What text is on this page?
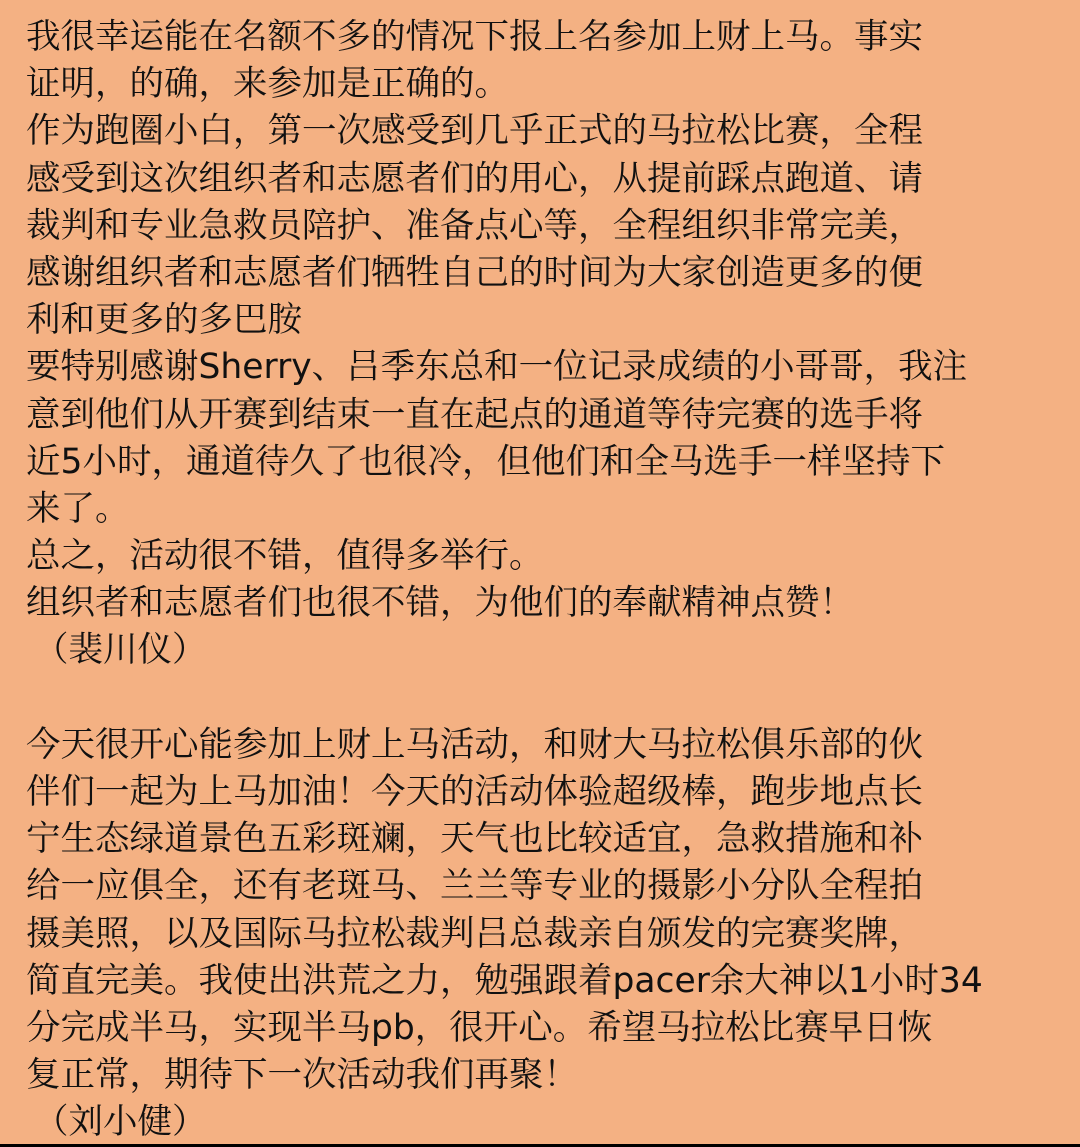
我很幸运能在名额不多的情况下报上名参加上财上马。事实

证明，的确，来参加是正确的。

作为跑圈小白，第一次感受到几乎正式的马拉松比赛，全程

感受到这次组织者和志愿者们的用心，从提前踩点跑道、请

裁判和专业急救员陪护、准备点心等，全程组织非常完美，

感谢组织者和志愿者们牺牲自己的时间为大家创造更多的便

利和更多的多巴胺

要特别感谢Sherry、吕季东总和一位记录成绩的小哥哥，我注

意到他们从开赛到结束一直在起点的通道等待完赛的选手将

近5小时，通道待久了也很冷，但他们和全马选手一样坚持下

来了。

总之，活动很不错，值得多举行。

组织者和志愿者们也很不错，为他们的奉献精神点赞！

（裴川仪）

今天很开心能参加上财上马活动，和财大马拉松俱乐部的伙

伴们一起为上马加油！今天的活动体验超级棒，跑步地点长

宁生态绿道景色五彩斑斓，天气也比较适宜，急救措施和补

给一应俱全，还有老斑马、兰兰等专业的摄影小分队全程拍

摄美照，以及国际马拉松裁判吕总裁亲自颁发的完赛奖牌，

简直完美。我使出洪荒之力，勉强跟着pacer余大神以1小时34

分完成半马，实现半马pb，很开心。希望马拉松比赛早日恢

复正常，期待下一次活动我们再聚！

（刘小健）
